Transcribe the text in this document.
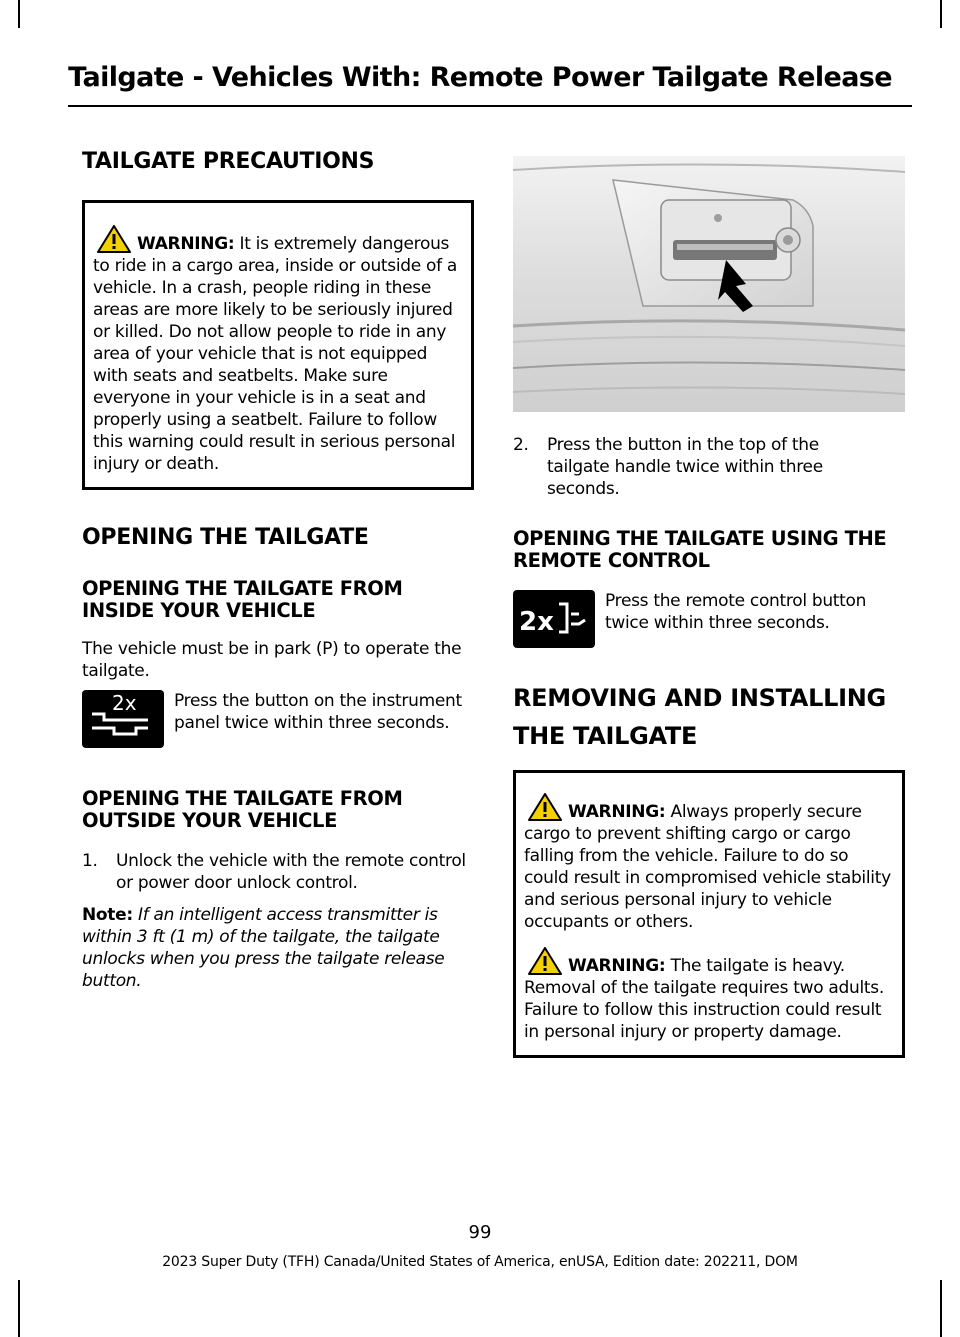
Tailgate - Vehicles With: Remote Power Tailgate Release
TAILGATE PRECAUTIONS

WARNING: It is extremely dangerous to ride in a cargo area, inside or outside of a vehicle. In a crash, people riding in these areas are more likely to be seriously injured or killed. Do not allow people to ride in any area of your vehicle that is not equipped with seats and seatbelts. Make sure everyone in your vehicle is in a seat and properly using a seatbelt. Failure to follow this warning could result in serious personal injury or death.

OPENING THE TAILGATE
OPENING THE TAILGATE FROM INSIDE YOUR VEHICLE

The vehicle must be in park (P) to operate the tailgate.

2x Press the button on the instrument panel twice within three seconds.

OPENING THE TAILGATE FROM OUTSIDE YOUR VEHICLE
1.	Unlock the vehicle with the remote control or power door unlock control.

Note: If an intelligent access transmitter is within 3 ft (1 m) of the tailgate, the tailgate unlocks when you press the tailgate release button.

2.	Press the button in the top of the tailgate handle twice within three seconds.
OPENING THE TAILGATE USING THE REMOTE CONTROL
2x

Press the remote control button twice within three seconds.

REMOVING AND INSTALLING
THE TAILGATE

WARNING: Always properly secure cargo to prevent shifting cargo or cargo falling from the vehicle. Failure to do so could result in compromised vehicle stability and serious personal injury to vehicle occupants or others.

WARNING: The tailgate is heavy. Removal of the tailgate requires two adults. Failure to follow this instruction could result in personal injury or property damage.

99
2023 Super Duty (TFH) Canada/United States of America, enUSA, Edition date: 202211, DOM
